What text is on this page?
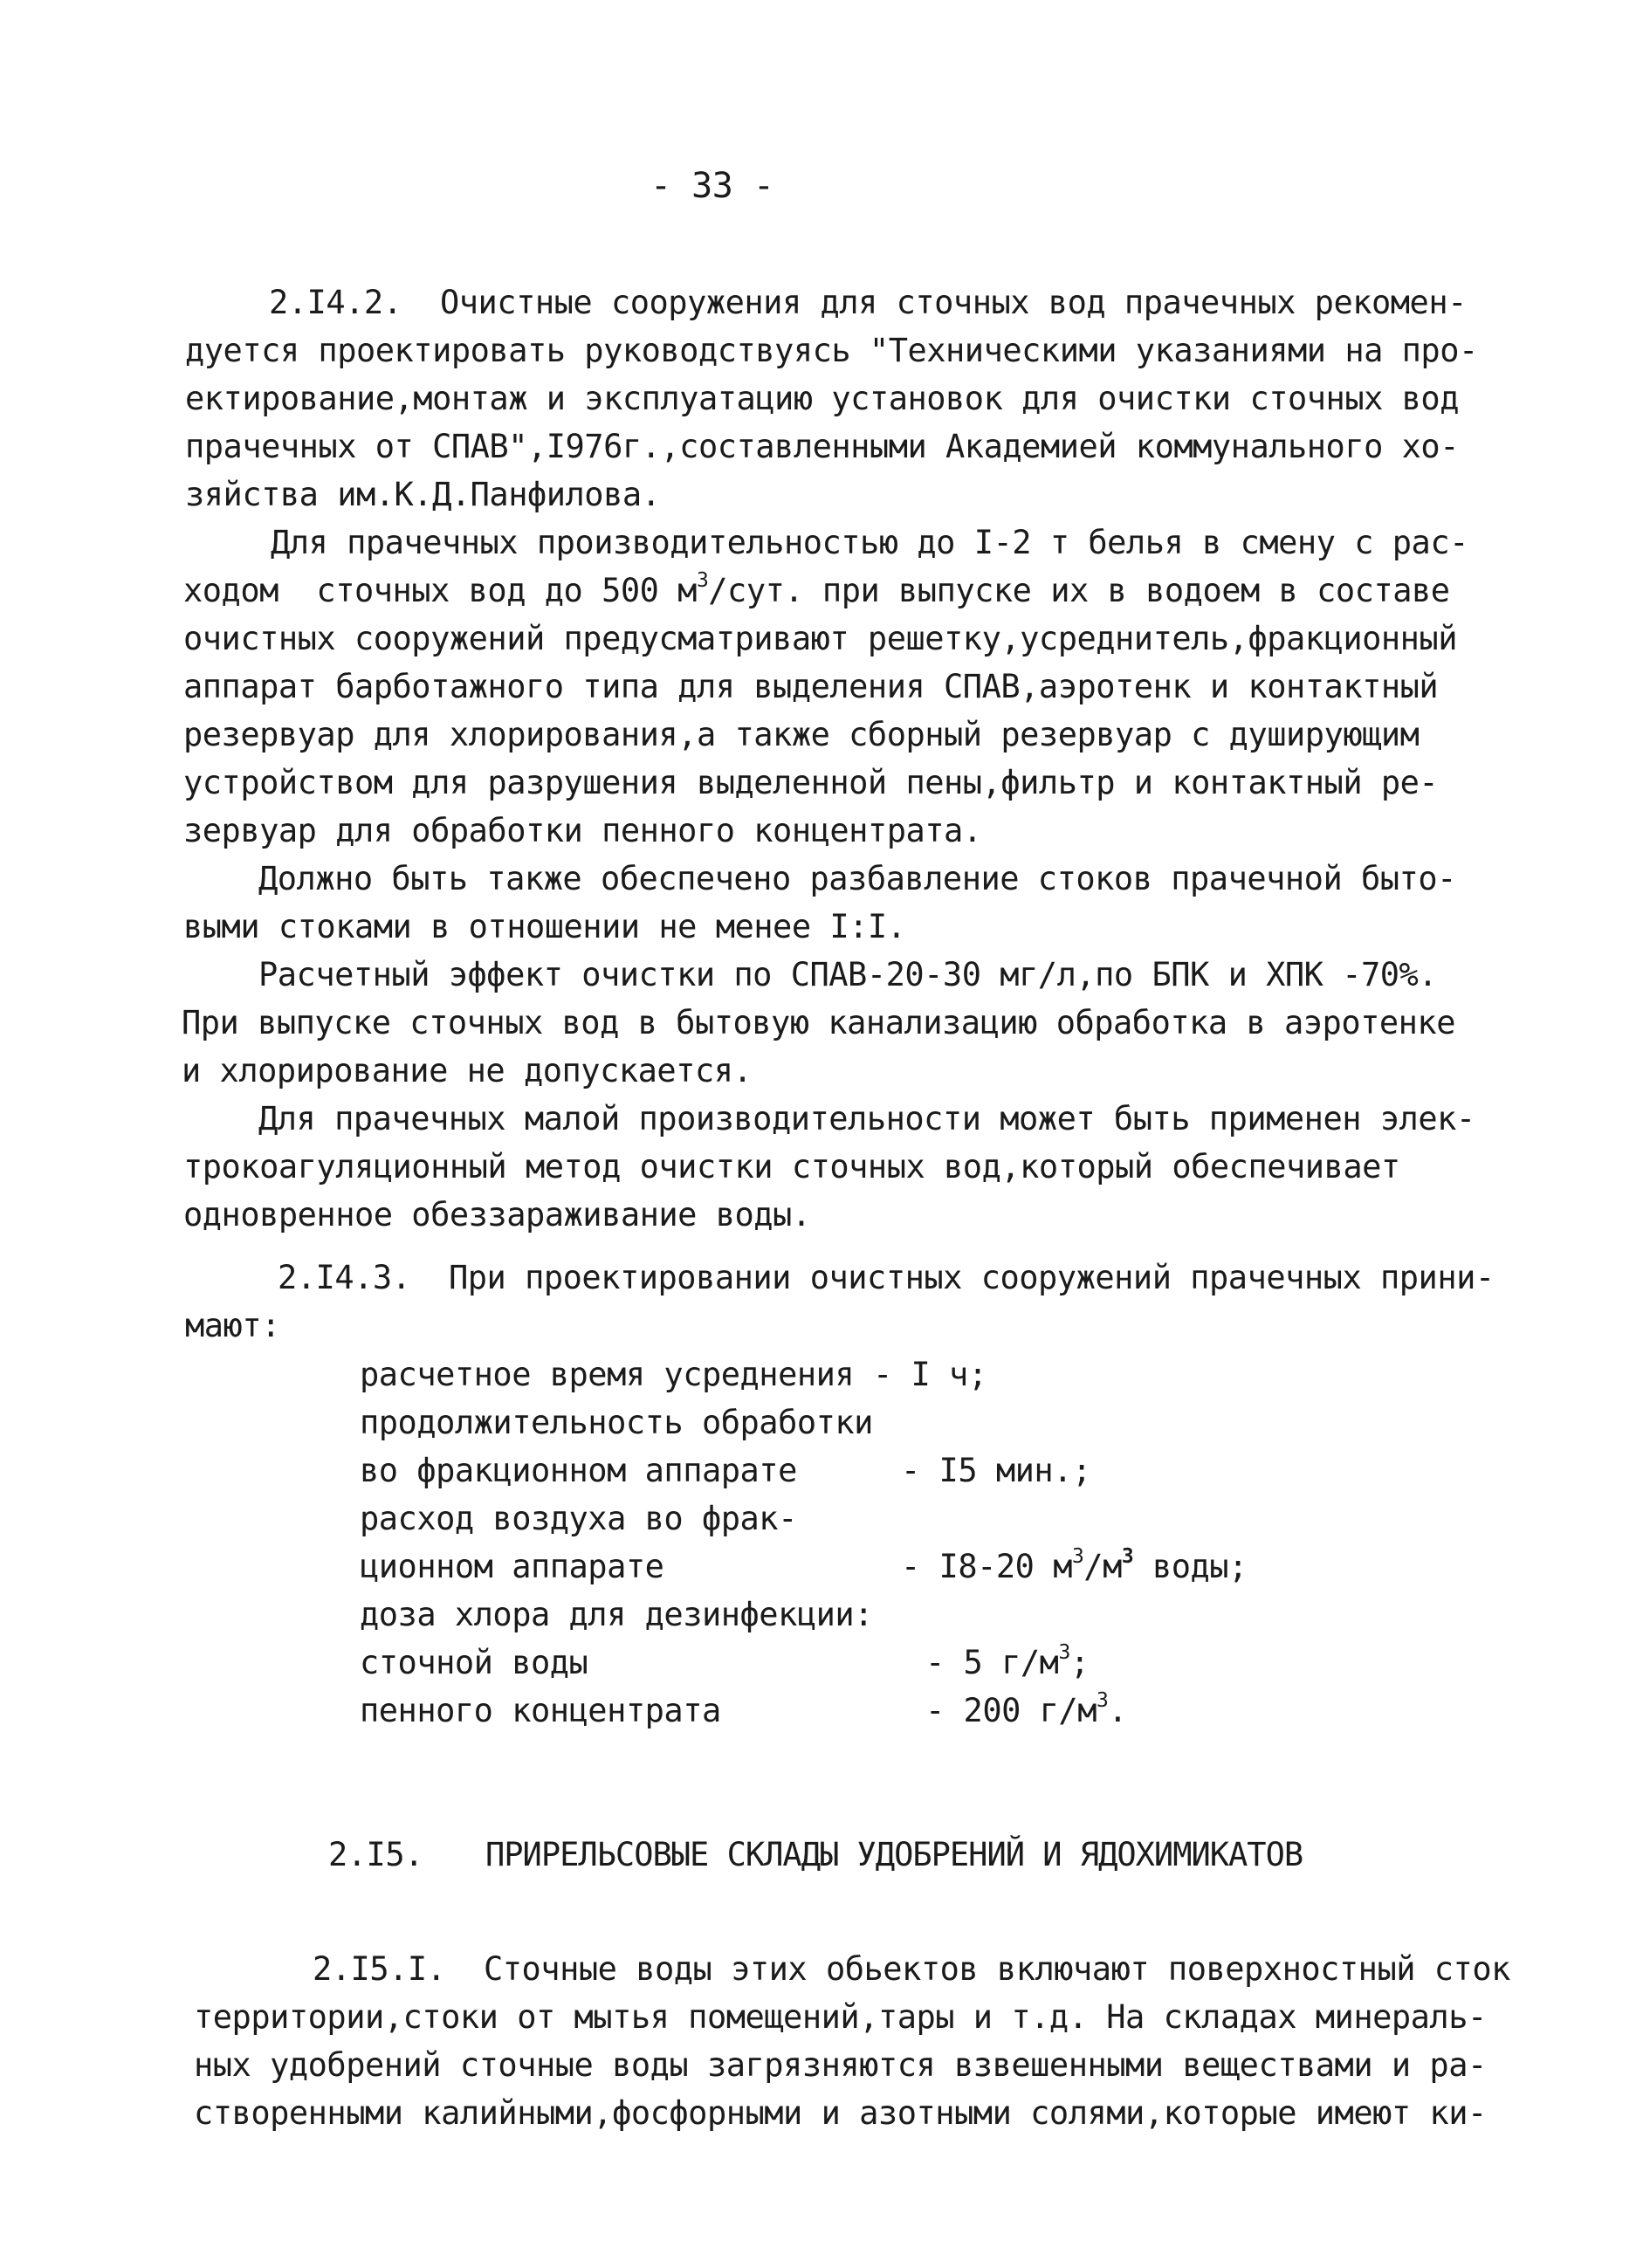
- 33 -
2.I4.2.  Очистные сооружения для сточных вод прачечных рекомен-
дуется проектировать руководствуясь "Техническими указаниями на про-
ектирование,монтаж и эксплуатацию установок для очистки сточных вод
прачечных от СПАВ",I976г.,составленными Академией коммунального хо-
зяйства им.К.Д.Панфилова.
Для прачечных производительностью до I-2 т белья в смену с рас-
ходом  сточных вод до 500 $м^3$/сут. при выпуске их в водоем в составе
очистных сооружений предусматривают решетку,усреднитель,фракционный
аппарат барботажного типа для выделения СПАВ,аэротенк и контактный
резервуар для хлорирования,а также сборный резервуар с душирующим
устройством для разрушения выделенной пены,фильтр и контактный ре-
зервуар для обработки пенного концентрата.
Должно быть также обеспечено разбавление стоков прачечной быто-
выми стоками в отношении не менее I:I.
Расчетный эффект очистки по СПАВ-20-30 мг/л,по БПК и ХПК -70%.
При выпуске сточных вод в бытовую канализацию обработка в аэротенке
и хлорирование не допускается.
Для прачечных малой производительности может быть применен элек-
трокоагуляционный метод очистки сточных вод,который обеспечивает
одновренное обеззараживание воды.
2.I4.3.  При проектировании очистных сооружений прачечных прини-
мают:
расчетное время усреднения - I ч;
продолжительность обработки
во фракционном аппарате	- I5 мин.;
расход воздуха во фрак-
ционном аппарате	- I8-20 $м^3/м^3$ воды;
доза хлора для дезинфекции:
сточной воды	- 5 $г/м^3$;
пенного концентрата	- 200 $г/м^3$.
2.I5. ПРИРЕЛЬСОВЫЕ СКЛАДЫ УДОБРЕНИЙ И ЯДОХИМИКАТОВ
2.I5.I.  Сточные воды этих обьектов включают поверхностный сток
территории,стоки от мытья помещений,тары и т.д. На складах минераль-
ных удобрений сточные воды загрязняются взвешенными веществами и ра-
створенными калийными,фосфорными и азотными солями,которые имеют ки-
